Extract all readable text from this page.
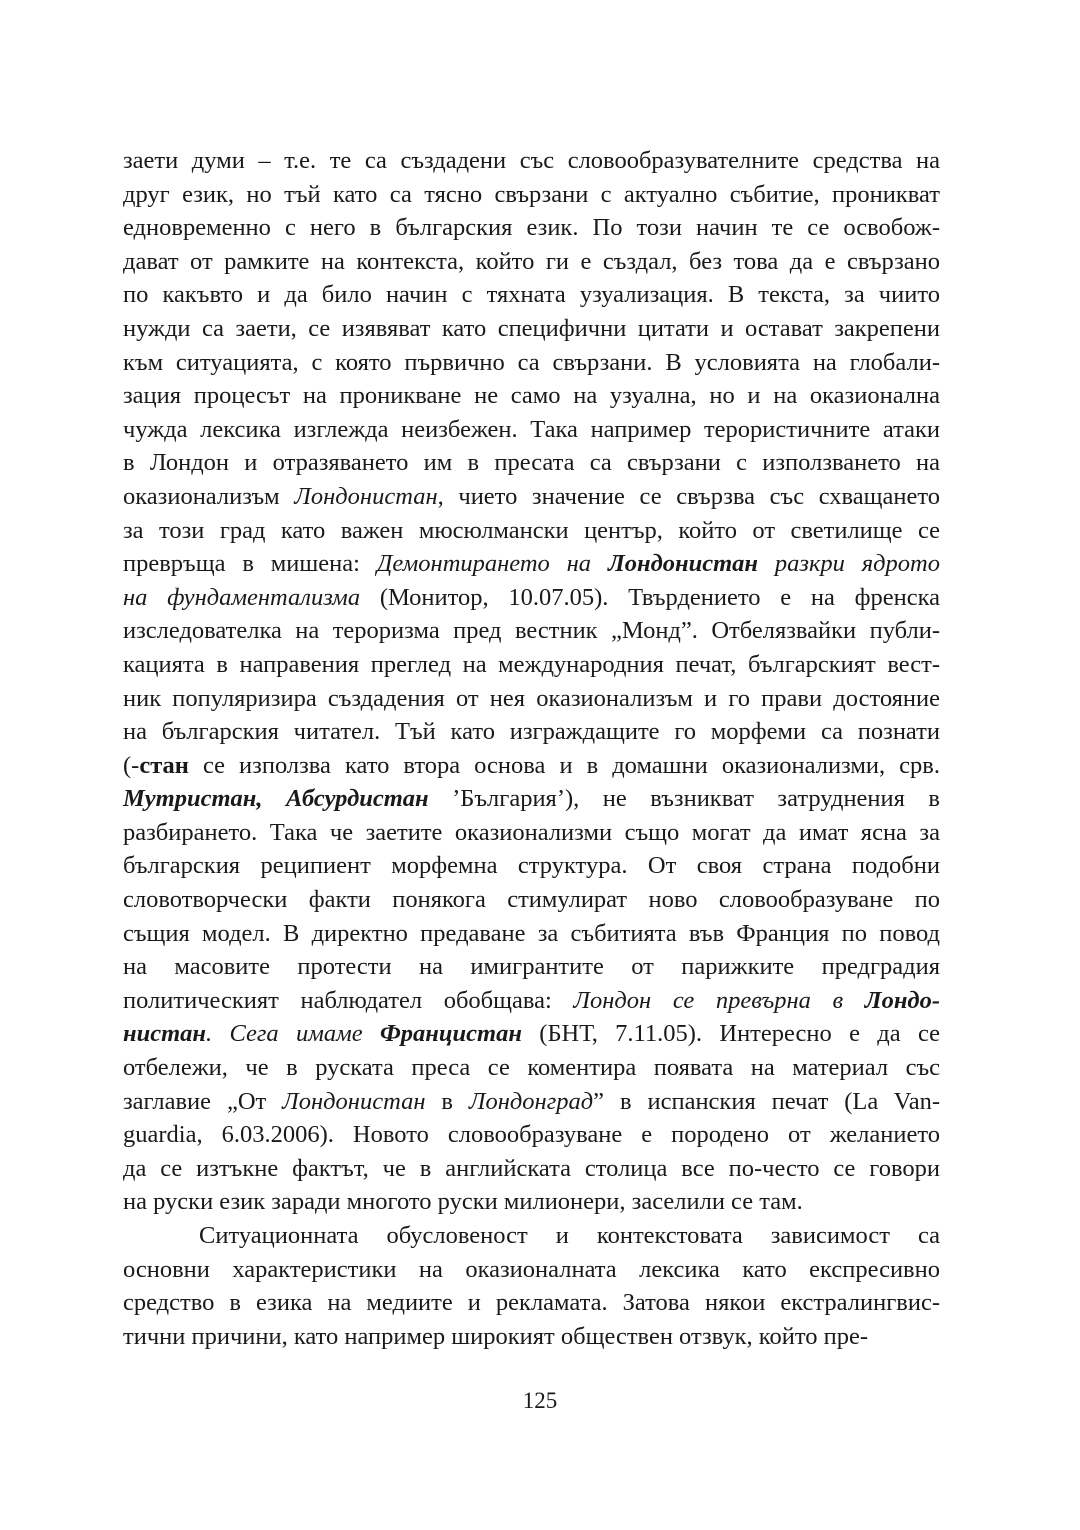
заети думи – т.е. те са създадени със словообразувателните средства на
друг език, но тъй като са тясно свързани с актуално събитие, проникват
едновременно с него в българския език. По този начин те се освобож-
дават от рамките на контекста, който ги е създал, без това да е свързано
по какъвто и да било начин с тяхната узуализация. В текста, за чиито
нужди са заети, се изявяват като специфични цитати и остават закрепени
към ситуацията, с която първично са свързани. В условията на глобали-
зация процесът на проникване не само на узуална, но и на оказионална
чужда лексика изглежда неизбежен. Така например терористичните атаки
в Лондон и отразяването им в пресата са свързани с използването на
оказионализъм Лондонистан, чието значение се свързва със схващането
за този град като важен мюсюлмански център, който от светилище се
превръща в мишена: Демонтирането на Лондонистан разкри ядрото
на фундаментализма (Монитор, 10.07.05). Твърдението е на френска
изследователка на тероризма пред вестник „Монд”. Отбелязвайки публи-
кацията в направения преглед на международния печат, българският вест-
ник популяризира създадения от нея оказионализъм и го прави достояние
на българския читател. Тъй като изграждащите го морфеми са познати
(-стан се използва като втора основа и в домашни оказионализми, срв.
Мутристан, Абсурдистан ’България’), не възникват затруднения в
разбирането. Така че заетите оказионализми също могат да имат ясна за
българския реципиент морфемна структура. От своя страна подобни
словотворчески факти понякога стимулират ново словообразуване по
същия модел. В директно предаване за събитията във Франция по повод
на масовите протести на имигрантите от парижките предградия
политическият наблюдател обобщава: Лондон се превърна в Лондо-
нистан. Сега имаме Францистан (БНТ, 7.11.05). Интересно е да се
отбележи, че в руската преса се коментира появата на материал със
заглавие „От Лондонистан в Лондонград” в испанския печат (La Van-
guardia, 6.03.2006). Новото словообразуване е породено от желанието
да се изтъкне фактът, че в английската столица все по-често се говори
на руски език заради многото руски милионери, заселили се там.
Ситуационната обусловеност и контекстовата зависимост са
основни характеристики на оказионалната лексика като експресивно
средство в езика на медиите и рекламата. Затова някои екстралингвис-
тични причини, като например широкият обществен отзвук, който пре-
125
